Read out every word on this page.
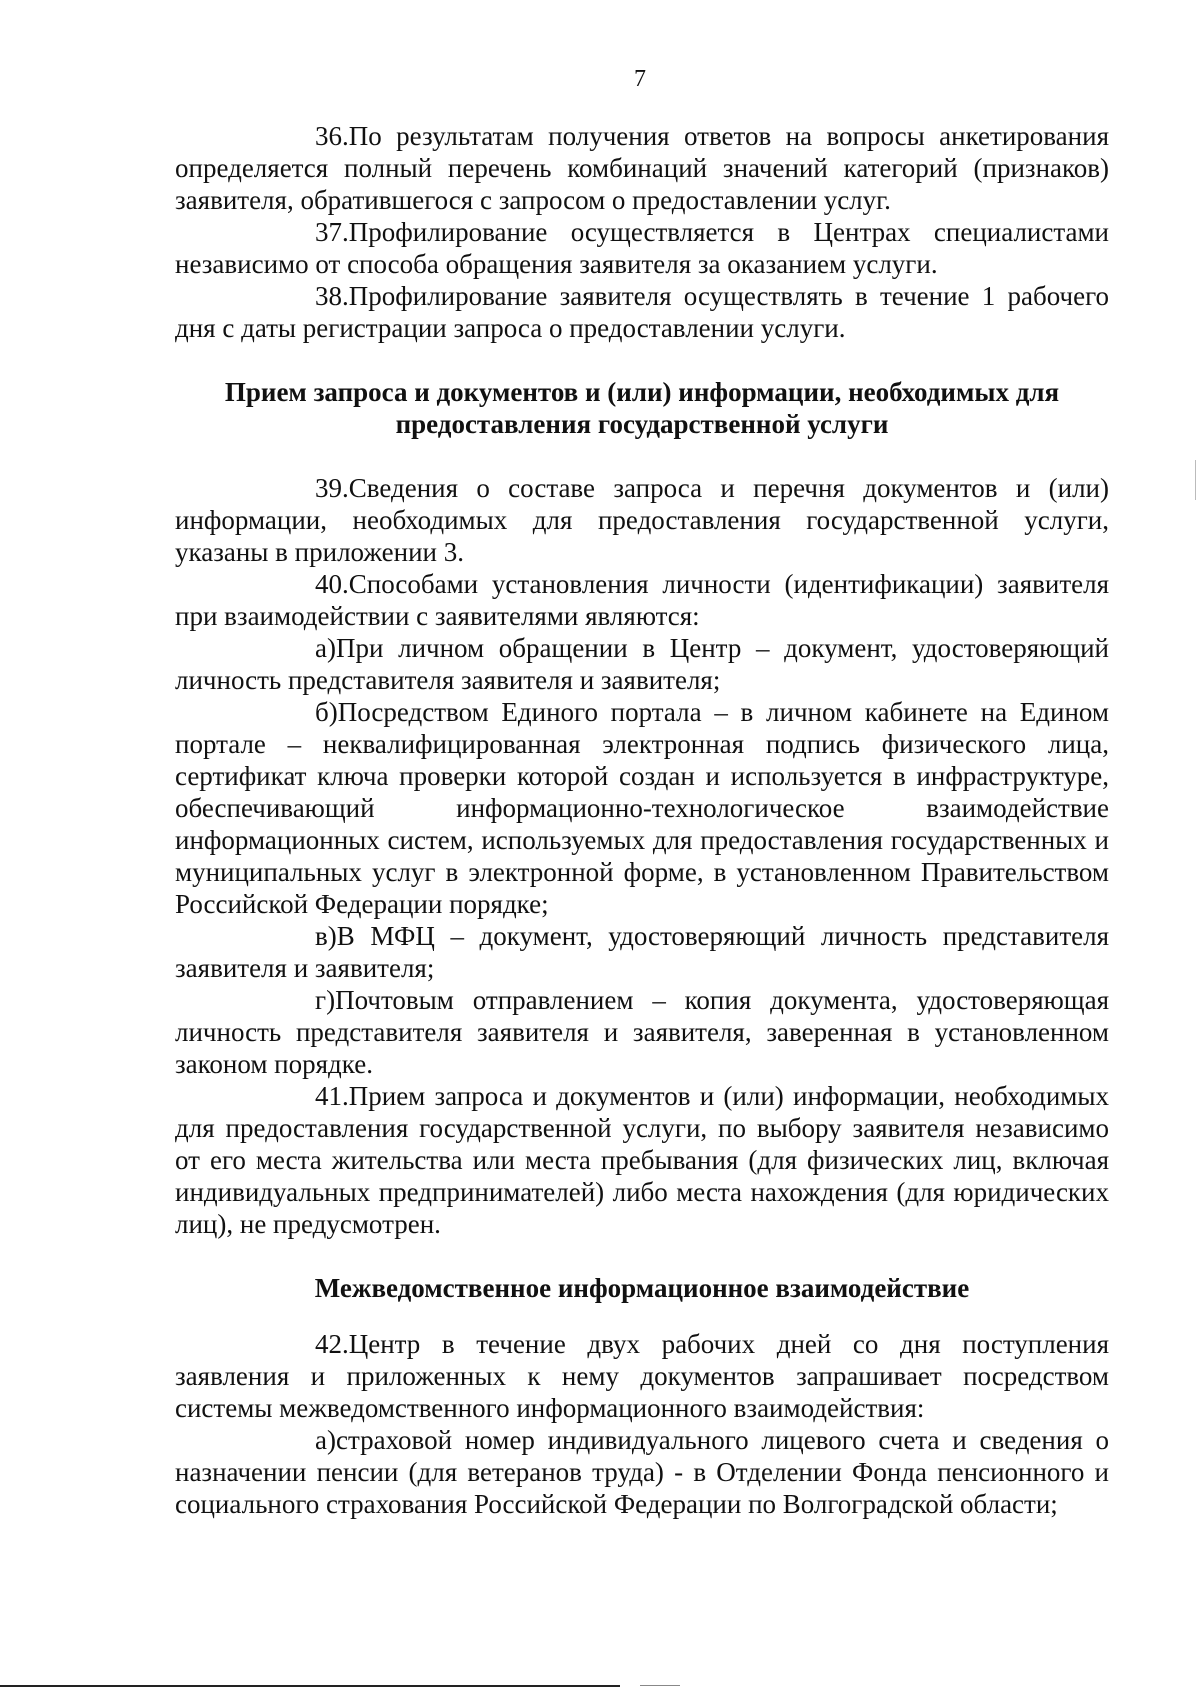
7

36.По результатам получения ответов на вопросы анкетирования определяется полный перечень комбинаций значений категорий (признаков) заявителя, обратившегося с запросом о предоставлении услуг.

37.Профилирование осуществляется в Центрах специалистами независимо от способа обращения заявителя за оказанием услуги.

38.Профилирование заявителя осуществлять в течение 1 рабочего дня с даты регистрации запроса о предоставлении услуги.

Прием запроса и документов и (или) информации, необходимых для предоставления государственной услуги

39.Сведения о составе запроса и перечня документов и (или) информации, необходимых для предоставления государственной услуги, указаны в приложении 3.

40.Способами установления личности (идентификации) заявителя при взаимодействии с заявителями являются:

а)При личном обращении в Центр – документ, удостоверяющий личность представителя заявителя и заявителя;

б)Посредством Единого портала – в личном кабинете на Едином портале – неквалифицированная электронная подпись физического лица, сертификат ключа проверки которой создан и используется в инфраструктуре, обеспечивающий информационно-технологическое взаимодействие информационных систем, используемых для предоставления государственных и муниципальных услуг в электронной форме, в установленном Правительством Российской Федерации порядке;

в)В МФЦ – документ, удостоверяющий личность представителя заявителя и заявителя;

г)Почтовым отправлением – копия документа, удостоверяющая личность представителя заявителя и заявителя, заверенная в установленном законом порядке.

41.Прием запроса и документов и (или) информации, необходимых для предоставления государственной услуги, по выбору заявителя независимо от его места жительства или места пребывания (для физических лиц, включая индивидуальных предпринимателей) либо места нахождения (для юридических лиц), не предусмотрен.

Межведомственное информационное взаимодействие

42.Центр в течение двух рабочих дней со дня поступления заявления и приложенных к нему документов запрашивает посредством системы межведомственного информационного взаимодействия:

а)страховой номер индивидуального лицевого счета и сведения о назначении пенсии (для ветеранов труда) - в Отделении Фонда пенсионного и социального страхования Российской Федерации по Волгоградской области;
